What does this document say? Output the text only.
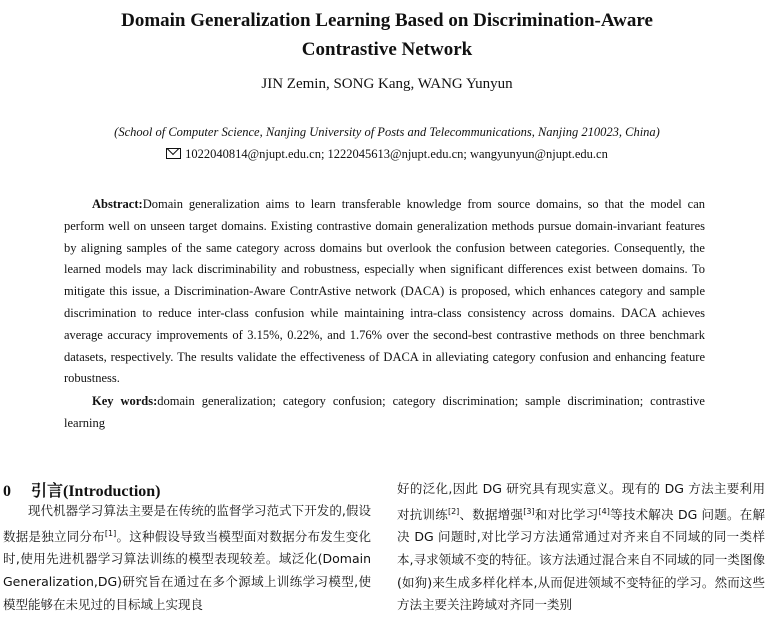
Domain Generalization Learning Based on Discrimination-Aware
Contrastive Network
JIN Zemin, SONG Kang, WANG Yunyun
(School of Computer Science, Nanjing University of Posts and Telecommunications, Nanjing 210023, China)
1022040814@njupt.edu.cn; 1222045613@njupt.edu.cn; wangyunyun@njupt.edu.cn

Abstract:Domain generalization aims to learn transferable knowledge from source domains, so that the model can perform well on unseen target domains. Existing contrastive domain generalization methods pursue domain-invariant features by aligning samples of the same category across domains but overlook the confusion between categories. Consequently, the learned models may lack discriminability and robustness, especially when significant differences exist between domains. To mitigate this issue, a Discrimination-Aware ContrAstive network (DACA) is proposed, which enhances category and sample discrimination to reduce inter-class confusion while maintaining intra-class consistency across domains. DACA achieves average accuracy improvements of 3.15%, 0.22%, and 1.76% over the second-best contrastive methods on three benchmark datasets, respectively. The results validate the effectiveness of DACA in alleviating category confusion and enhancing feature robustness.

Key words:domain generalization; category confusion; category discrimination; sample discrimination; contrastive learning

0 引言(Introduction)

现代机器学习算法主要是在传统的监督学习范式下开发的,假设数据是独立同分布[1]。这种假设导致当模型面对数据分布发生变化时,使用先进机器学习算法训练的模型表现较差。域泛化(Domain Generalization,DG)研究旨在通过在多个源域上训练学习模型,使模型能够在未见过的目标域上实现良

好的泛化,因此 DG 研究具有现实意义。现有的 DG 方法主要利用对抗训练[2]、数据增强[3]和对比学习[4]等技术解决 DG 问题。在解决 DG 问题时,对比学习方法通常通过对齐来自不同域的同一类样本,寻求领域不变的特征。该方法通过混合来自不同域的同一类图像(如狗)来生成多样化样本,从而促进领域不变特征的学习。然而这些方法主要关注跨域对齐同一类别
